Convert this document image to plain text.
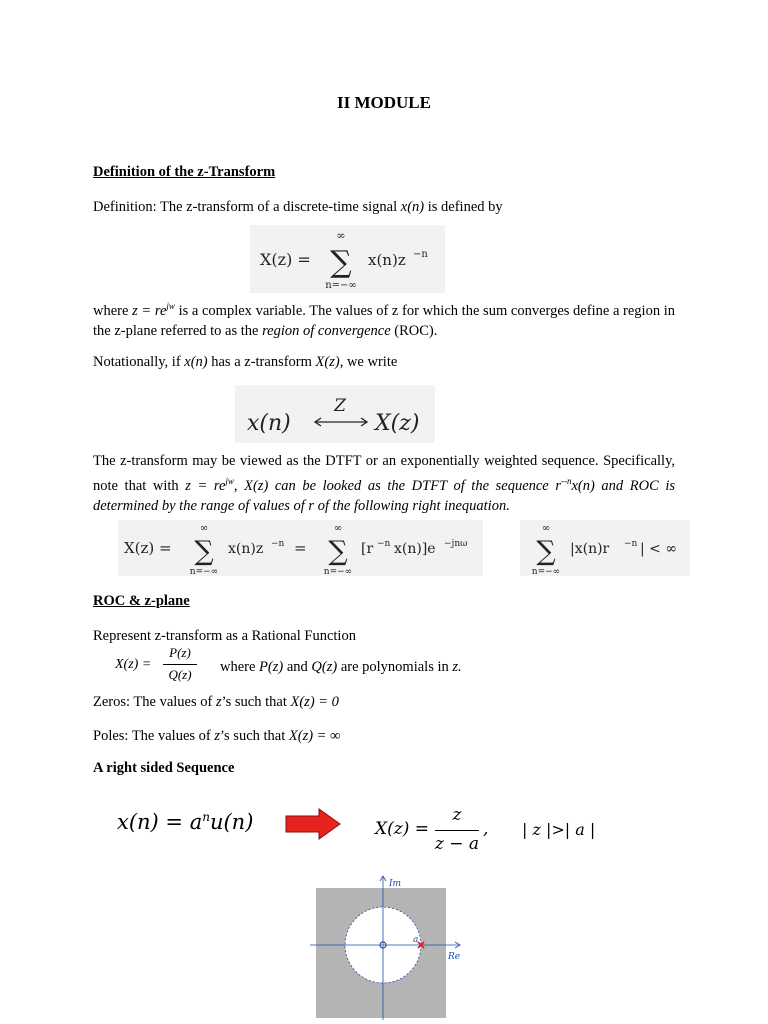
II MODULE
Definition of the z-Transform
Definition: The z-transform of a discrete-time signal x(n) is defined by
X(z) =
∞
∑
n=−∞
x(n)z −n
where $z = re^{jw}$ is a complex variable. The values of z for which the sum converges define a region in the z-plane referred to as the region of convergence (ROC).
Notationally, if x(n) has a z-transform X(z), we write
x(n)
Z
X(z)
The z-transform may be viewed as the DTFT or an exponentially weighted sequence. Specifically, note that with $z = re^{jw}$, X(z) can be looked as the DTFT of the sequence $r^{--n}x(n)$ and ROC is determined by the range of values of r of the following right inequation.
X(z) =
∞
∑
n=−∞
x(n)z −n =
∞
∑
n=−∞
[r −n x(n)]e −jnω
∞
∑
n=−∞
|x(n)r −n | < ∞
ROC & z-plane
Represent z-transform as a Rational Function
X(z) =
P(z)
Q(z)	where P(z) and Q(z) are polynomials in z.
Zeros: The values of z’s such that X(z) = 0
Poles: The values of z’s such that X(z) = ∞
A right sided Sequence
$x(n) = a^nu(n)$	X(z) =
z
z − a
, | z |>| a |
Im
Re
a
